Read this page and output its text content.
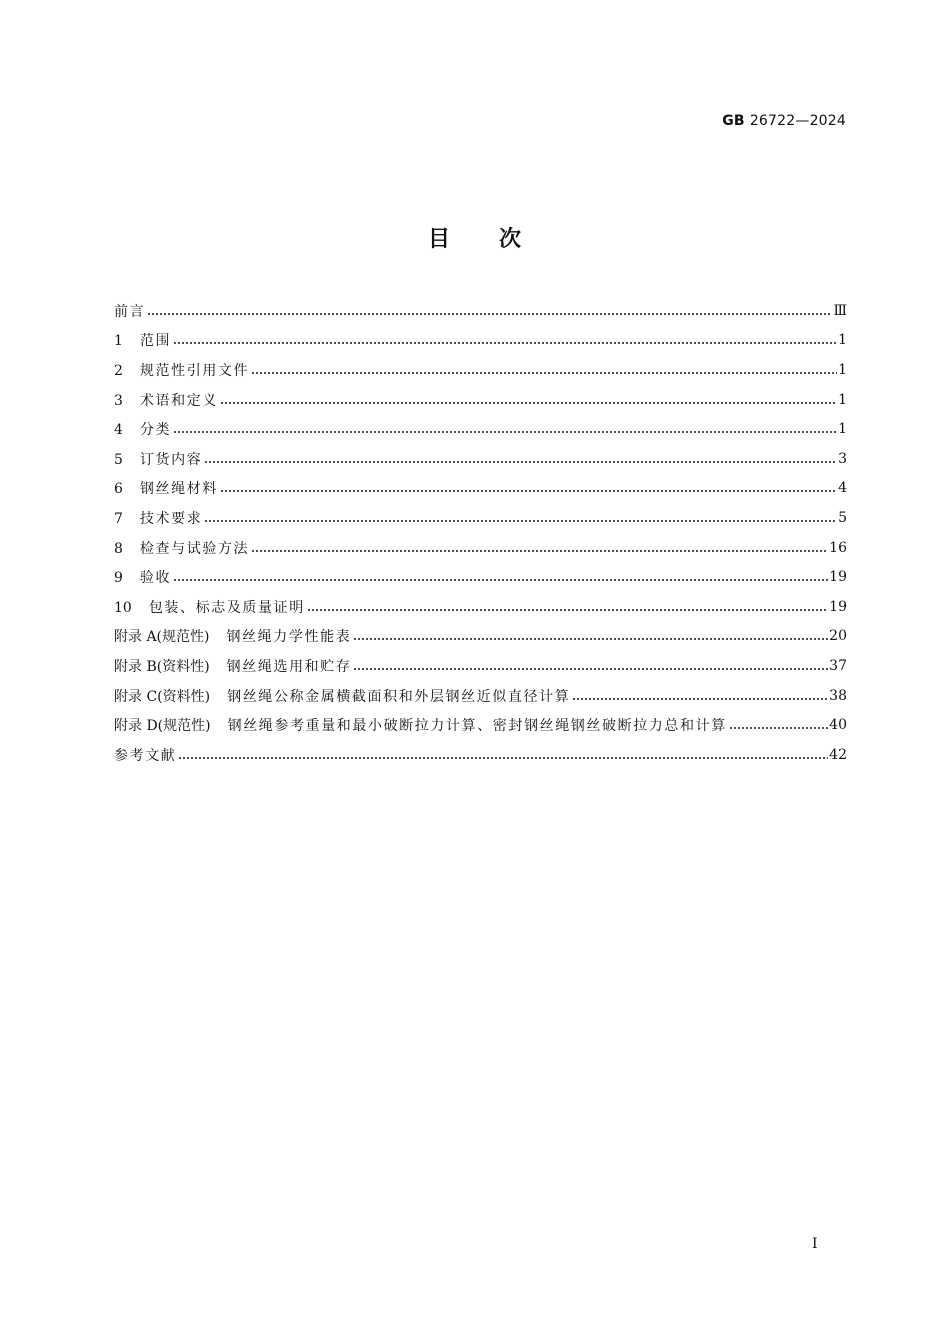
GB 26722—2024
目 次
前言	Ⅲ
1 范围	1
2 规范性引用文件	1
3 术语和定义	1
4 分类	1
5 订货内容	3
6 钢丝绳材料	4
7 技术要求	5
8 检查与试验方法	16
9 验收	19
10 包装、标志及质量证明	19
附录 A(规范性) 钢丝绳力学性能表	20
附录 B(资料性) 钢丝绳选用和贮存	37
附录 C(资料性) 钢丝绳公称金属横截面积和外层钢丝近似直径计算	38
附录 D(规范性) 钢丝绳参考重量和最小破断拉力计算、密封钢丝绳钢丝破断拉力总和计算	40
参考文献	42
Ⅰ
